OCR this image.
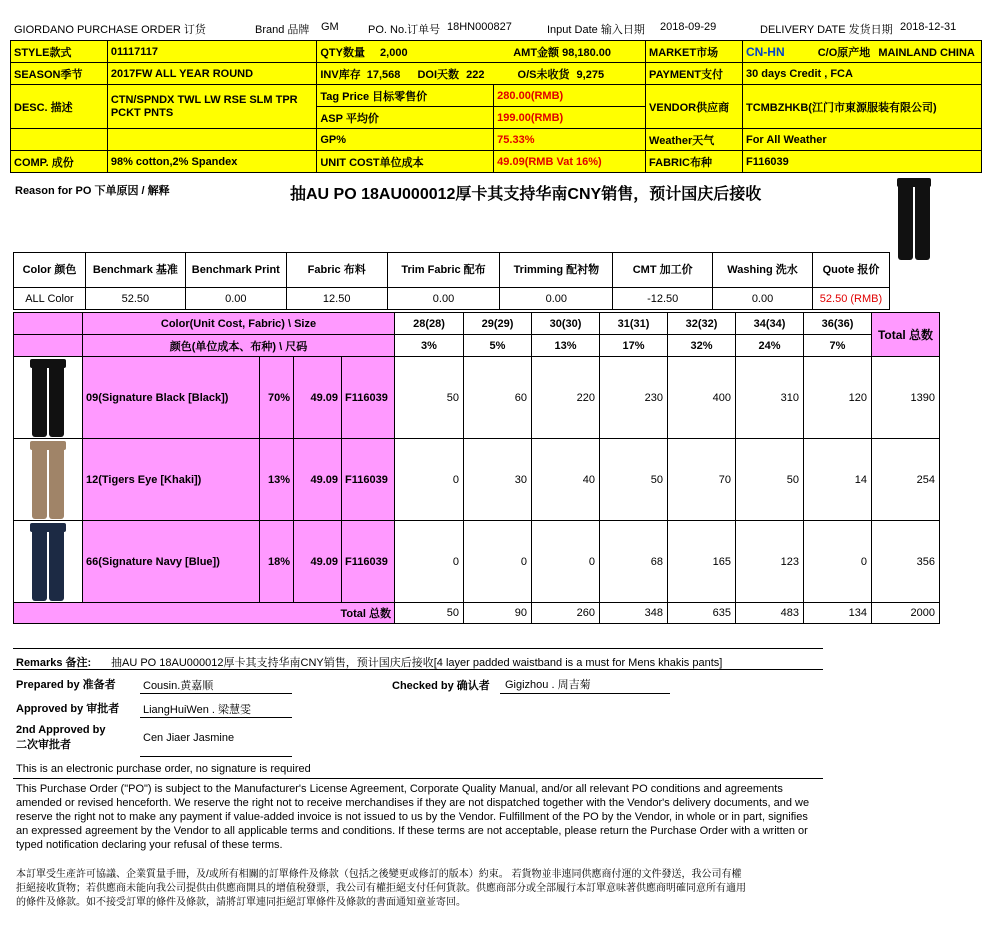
GIORDANO PURCHASE ORDER 订货	Brand 品牌 GM	PO. No.订单号 18HN000827	Input Date 输入日期 2018-09-29	DELIVERY DATE 发货日期 2018-12-31
STYLE款式	01117117	QTY数量 2,000 AMT金额 98,180.00		MARKET市场	CN-HN C/O原产地 MAINLAND CHINA
SEASON季节	2017FW ALL YEAR ROUND	INV库存 17,568 DOI天数 222 O/S未收货 9,275		PAYMENT支付	30 days Credit , FCA
DESC. 描述	CTN/SPNDX TWL LW RSE SLM TPR PCKT PNTS	Tag Price 目标零售价	280.00(RMB)	VENDOR供应商	TCMBZHKB(江门市東源服装有限公司)
		ASP 平均价	199.00(RMB)		
		GP%	75.33%	Weather天气	For All Weather
COMP. 成份	98% cotton,2% Spandex	UNIT COST单位成本	49.09(RMB Vat 16%)	FABRIC布种	F116039
Reason for PO 下单原因 / 解释	抽AU PO 18AU000012厚卡其支持华南CNY销售，预计国庆后接收
Color 颜色	Benchmark 基准	Benchmark Print	Fabric 布料	Trim Fabric 配布	Trimming 配衬物	CMT 加工价	Washing 洗水	Quote 报价
ALL Color	52.50	0.00	12.50	0.00	0.00	-12.50	0.00	52.50 (RMB)
	Color(Unit Cost, Fabric) \ Size				28(28)	29(29)	30(30)	31(31)	32(32)	34(34)	36(36)	Total 总数
	颜色(单位成本、布种) \ 尺码				3%	5%	13%	17%	32%	24%	7%	

	09(Signature Black [Black])	70%	49.09	F116039	50	60	220	230	400	310	120	1390

	12(Tigers Eye [Khaki])	13%	49.09	F116039	0	30	40	50	70	50	14	254

	66(Signature Navy [Blue])	18%	49.09	F116039	0	0	0	68	165	123	0	356
Total 总数					50	90	260	348	635	483	134	2000
Remarks 备注: 抽AU PO 18AU000012厚卡其支持华南CNY销售，预计国庆后接收[4 layer padded waistband is a must for Mens khakis pants]
Prepared by 准备者 Cousin.黄嘉顺	Checked by 确认者 Gigizhou . 周吉菊
Approved by 审批者 LiangHuiWen . 梁慧雯
2nd Approved by
二次审批者
Cen Jiaer Jasmine
This is an electronic purchase order, no signature is required
This Purchase Order ("PO") is subject to the Manufacturer's License Agreement, Corporate Quality Manual, and/or all relevant PO conditions and agreements
amended or revised henceforth. We reserve the right not to receive merchandises if they are not dispatched together with the Vendor's delivery documents, and we
reserve the right not to make any payment if value-added invoice is not issued to us by the Vendor. Fulfillment of the PO by the Vendor, in whole or in part, signifies
an expressed agreement by the Vendor to all applicable terms and conditions. If these terms are not acceptable, please return the Purchase Order with a written or
typed notification declaring your refusal of these terms.
本訂單受生產許可協議、企業質量手冊，及/或所有相關的訂單條件及條款（包括之後變更或修訂的版本）約束。 若貨物並非連同供應商付運的文件發送，我公司有權
拒絕接收貨物；若供應商未能向我公司提供由供應商開具的增值稅發票，我公司有權拒絕支付任何貨款。供應商部分或全部履行本訂單意味著供應商明確同意所有適用
的條件及條款。如不接受訂單的條件及條款，請將訂單連同拒絕訂單條件及條款的書面通知童並寄回。
